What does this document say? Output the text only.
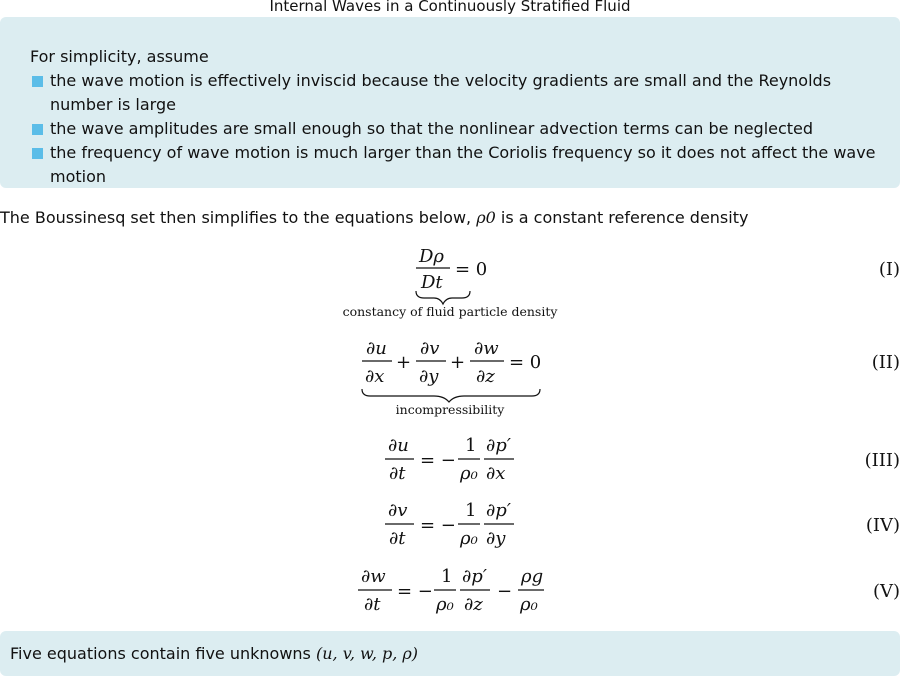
Internal Waves in a Continuously Stratified Fluid
For simplicity, assume
the wave motion is effectively inviscid because the velocity gradients are small and the Reynolds number is large
the wave amplitudes are small enough so that the nonlinear advection terms can be neglected
the frequency of wave motion is much larger than the Coriolis frequency so it does not affect the wave motion
The Boussinesq set then simplifies to the equations below, ρ0 is a constant reference density
Dρ
Dt
= 0
constancy of fluid particle density
(I)
∂u
∂x
+
∂v
∂y
+
∂w
∂z
= 0
incompressibility
(II)
∂u
∂t
= −
1
ρ₀
∂p′
∂x
(III)
∂v
∂t
= −
1
ρ₀
∂p′
∂y
(IV)
∂w
∂t
= −
1
ρ₀
∂p′
∂z
−
ρg
ρ₀
(V)
Five equations contain five unknowns (u, v, w, p, ρ)
